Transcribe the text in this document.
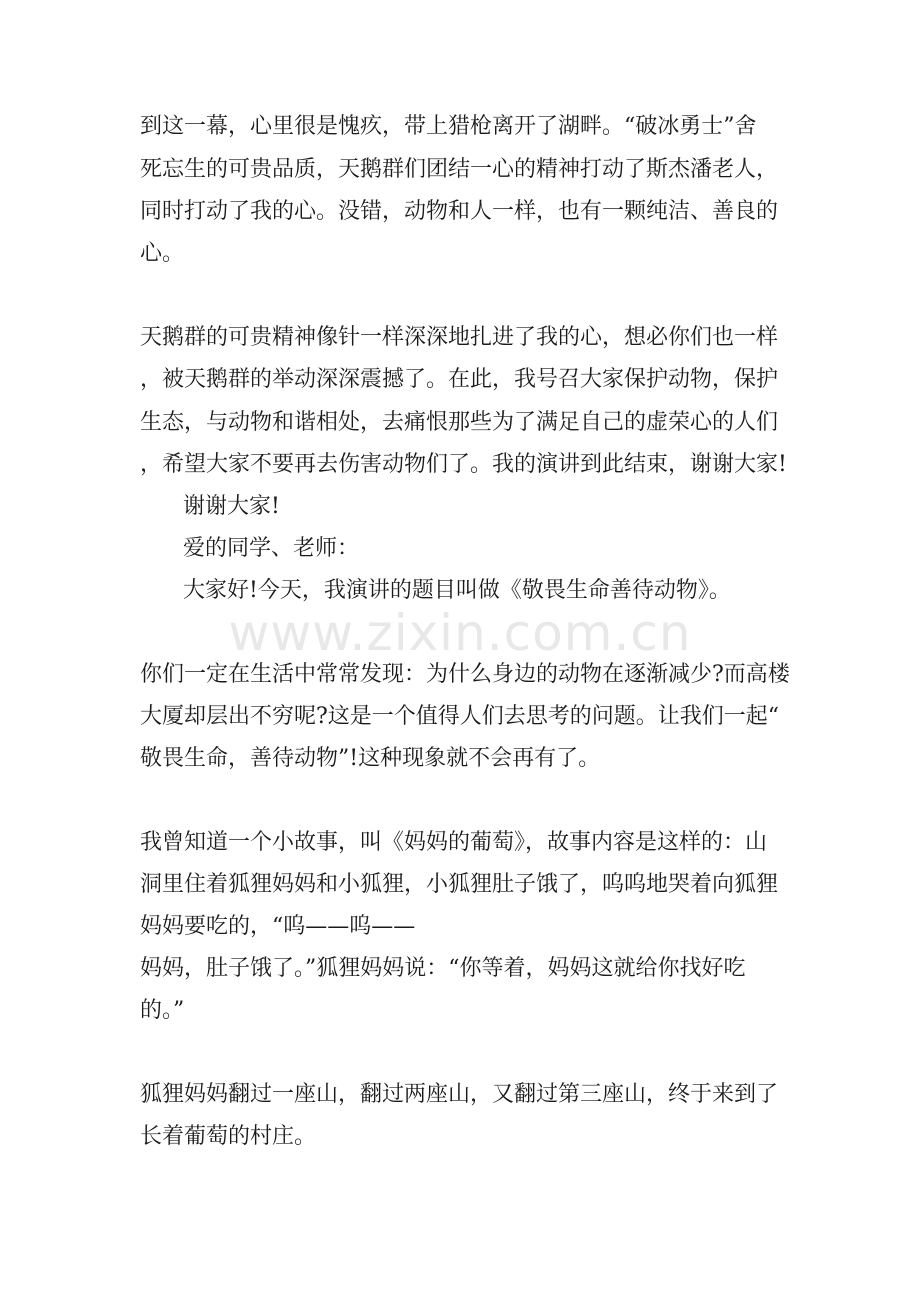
www.zixin.com.cn
到这一幕，心里很是愧疚，带上猎枪离开了湖畔。“破冰勇士”舍
死忘生的可贵品质，天鹅群们团结一心的精神打动了斯杰潘老人，
同时打动了我的心。没错，动物和人一样，也有一颗纯洁、善良的
心。
天鹅群的可贵精神像针一样深深地扎进了我的心，想必你们也一样
，被天鹅群的举动深深震撼了。在此，我号召大家保护动物，保护
生态，与动物和谐相处，去痛恨那些为了满足自己的虚荣心的人们
，希望大家不要再去伤害动物们了。我的演讲到此结束，谢谢大家!
谢谢大家!
爱的同学、老师：
大家好!今天，我演讲的题目叫做《敬畏生命善待动物》。
你们一定在生活中常常发现：为什么身边的动物在逐渐减少?而高楼
大厦却层出不穷呢?这是一个值得人们去思考的问题。让我们一起“
敬畏生命，善待动物”!这种现象就不会再有了。
我曾知道一个小故事，叫《妈妈的葡萄》，故事内容是这样的：山
洞里住着狐狸妈妈和小狐狸，小狐狸肚子饿了，呜呜地哭着向狐狸
妈妈要吃的，“呜——呜——
妈妈，肚子饿了。”狐狸妈妈说：“你等着，妈妈这就给你找好吃
的。”
狐狸妈妈翻过一座山，翻过两座山，又翻过第三座山，终于来到了
长着葡萄的村庄。
